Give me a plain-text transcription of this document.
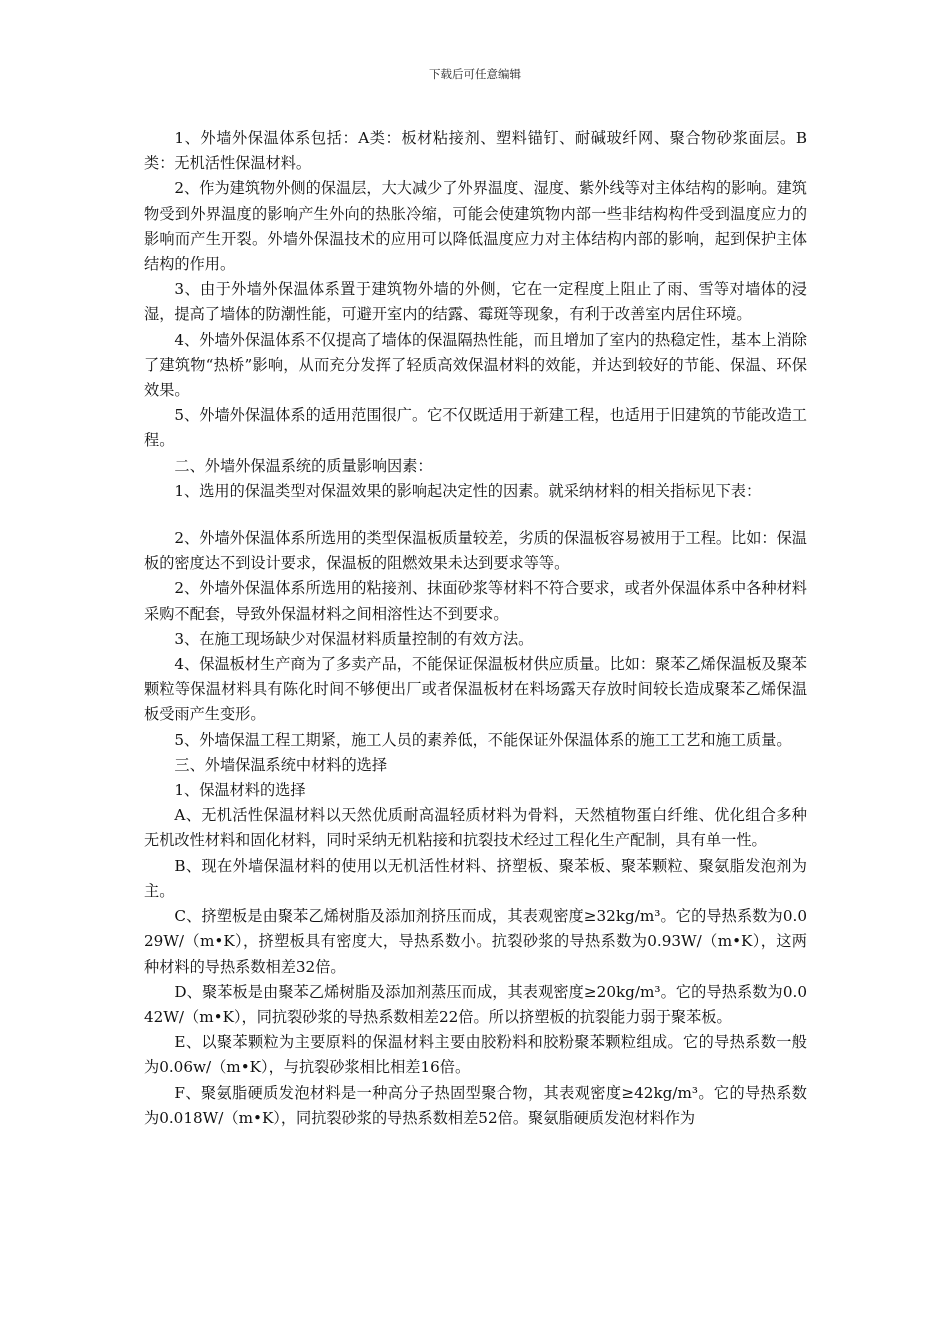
下载后可任意编辑

1、外墙外保温体系包括：A类：板材粘接剂、塑料锚钉、耐碱玻纤网、聚合物砂浆面层。B类：无机活性保温材料。

2、作为建筑物外侧的保温层，大大减少了外界温度、湿度、紫外线等对主体结构的影响。建筑物受到外界温度的影响产生外向的热胀冷缩，可能会使建筑物内部一些非结构构件受到温度应力的影响而产生开裂。外墙外保温技术的应用可以降低温度应力对主体结构内部的影响，起到保护主体结构的作用。

3、由于外墙外保温体系置于建筑物外墙的外侧，它在一定程度上阻止了雨、雪等对墙体的浸湿，提高了墙体的防潮性能，可避开室内的结露、霉斑等现象，有利于改善室内居住环境。

4、外墙外保温体系不仅提高了墙体的保温隔热性能，而且增加了室内的热稳定性，基本上消除了建筑物“热桥”影响，从而充分发挥了轻质高效保温材料的效能，并达到较好的节能、保温、环保效果。

5、外墙外保温体系的适用范围很广。它不仅既适用于新建工程，也适用于旧建筑的节能改造工程。

二、外墙外保温系统的质量影响因素：

1、选用的保温类型对保温效果的影响起决定性的因素。就采纳材料的相关指标见下表：

2、外墙外保温体系所选用的类型保温板质量较差，劣质的保温板容易被用于工程。比如：保温板的密度达不到设计要求，保温板的阻燃效果未达到要求等等。

2、外墙外保温体系所选用的粘接剂、抹面砂浆等材料不符合要求，或者外保温体系中各种材料采购不配套，导致外保温材料之间相溶性达不到要求。

3、在施工现场缺少对保温材料质量控制的有效方法。

4、保温板材生产商为了多卖产品，不能保证保温板材供应质量。比如：聚苯乙烯保温板及聚苯颗粒等保温材料具有陈化时间不够便出厂或者保温板材在料场露天存放时间较长造成聚苯乙烯保温板受雨产生变形。

5、外墙保温工程工期紧，施工人员的素养低，不能保证外保温体系的施工工艺和施工质量。

三、外墙保温系统中材料的选择

1、保温材料的选择

A、无机活性保温材料以天然优质耐高温轻质材料为骨料，天然植物蛋白纤维、优化组合多种无机改性材料和固化材料，同时采纳无机粘接和抗裂技术经过工程化生产配制，具有单一性。

B、现在外墙保温材料的使用以无机活性材料、挤塑板、聚苯板、聚苯颗粒、聚氨脂发泡剂为主。

C、挤塑板是由聚苯乙烯树脂及添加剂挤压而成，其表观密度≥32kg/m³。它的导热系数为0.029W/（m•K），挤塑板具有密度大，导热系数小。抗裂砂浆的导热系数为0.93W/（m•K），这两种材料的导热系数相差32倍。

D、聚苯板是由聚苯乙烯树脂及添加剂蒸压而成，其表观密度≥20kg/m³。它的导热系数为0.042W/（m•K），同抗裂砂浆的导热系数相差22倍。所以挤塑板的抗裂能力弱于聚苯板。

E、以聚苯颗粒为主要原料的保温材料主要由胶粉料和胶粉聚苯颗粒组成。它的导热系数一般为0.06w/（m•K），与抗裂砂浆相比相差16倍。

F、聚氨脂硬质发泡材料是一种高分子热固型聚合物，其表观密度≥42kg/m³。它的导热系数为0.018W/（m•K），同抗裂砂浆的导热系数相差52倍。聚氨脂硬质发泡材料作为
